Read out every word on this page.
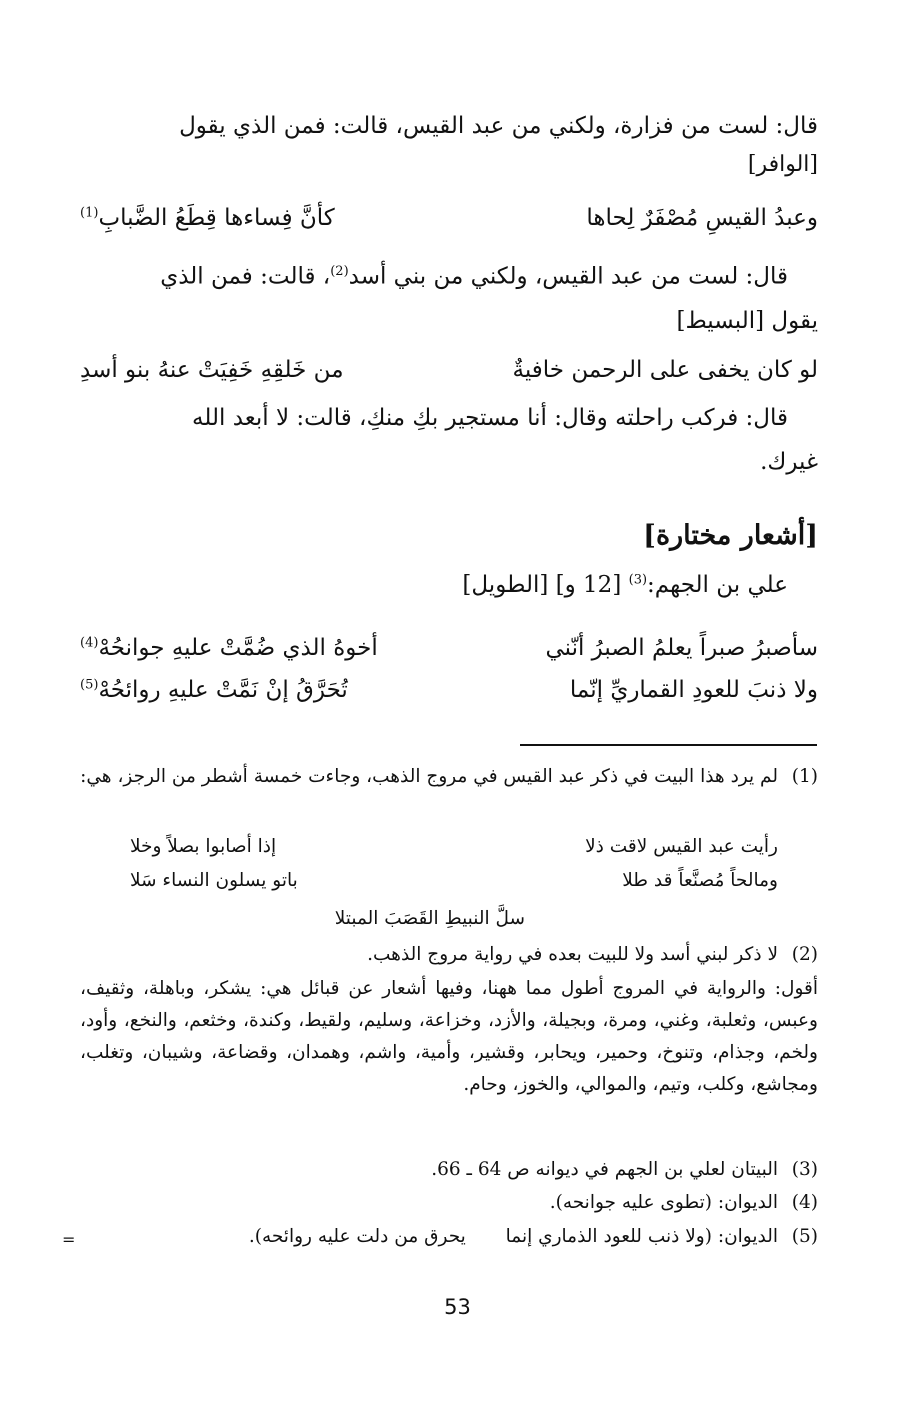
قال: لست من فزارة، ولكني من عبد القيس، قالت: فمن الذي يقول
[الوافر]
وعبدُ القيسِ مُصْفَرٌ لِحاها
كأنَّ فِساءها قِطَعُ الضَّبابِ$^{(1)}$
قال: لست من عبد القيس، ولكني من بني أسد$^{(2)}$، قالت: فمن الذي
يقول [البسيط]
لو كان يخفى على الرحمن خافيةٌ
من خَلقِهِ خَفِيَتْ عنهُ بنو أسدِ
قال: فركب راحلته وقال: أنا مستجير بكِ منكِ، قالت: لا أبعد الله
غيرك.
[أشعار مختارة]
علي بن الجهم:$^{(3)}$ [12 و] [الطويل]
سأصبرُ صبراً يعلمُ الصبرُ أنّني
أخوهُ الذي ضُمَّتْ عليهِ جوانحُهْ$^{(4)}$
ولا ذنبَ للعودِ القماريِّ إنّما
تُحَرَّقُ إنْ نَمَّتْ عليهِ روائحُهْ$^{(5)}$
(1)
لم يرد هذا البيت في ذكر عبد القيس في مروج الذهب، وجاءت خمسة أشطر من الرجز، هي:
رأيت عبد القيس لاقت ذلا
إذا أصابوا بصلاً وخلا
ومالحاً مُصنَّعاً قد طلا
باتو يسلون النساء سَلا
سلَّ النبيطِ القَصَبَ المبتلا
(2)
لا ذكر لبني أسد ولا للبيت بعده في رواية مروج الذهب.
أقول: والرواية في المروج أطول مما ههنا، وفيها أشعار عن قبائل هي: يشكر، وباهلة، وثقيف، وعبس، وثعلبة، وغني، ومرة، وبجيلة، والأزد، وخزاعة، وسليم، ولقيط، وكندة، وخثعم، والنخع، وأود، ولخم، وجذام، وتنوخ، وحمير، ويحابر، وقشير، وأمية، واشم، وهمدان، وقضاعة، وشيبان، وتغلب، ومجاشع، وكلب، وتيم، والموالي، والخوز، وحام.
(3)
البيتان لعلي بن الجهم في ديوانه ص 64 ـ 66.
(4)
الديوان: (تطوى عليه جوانحه).
(5)
الديوان: (ولا ذنب للعود الذماري إنما  يحرق من دلت عليه روائحه).
=
53
